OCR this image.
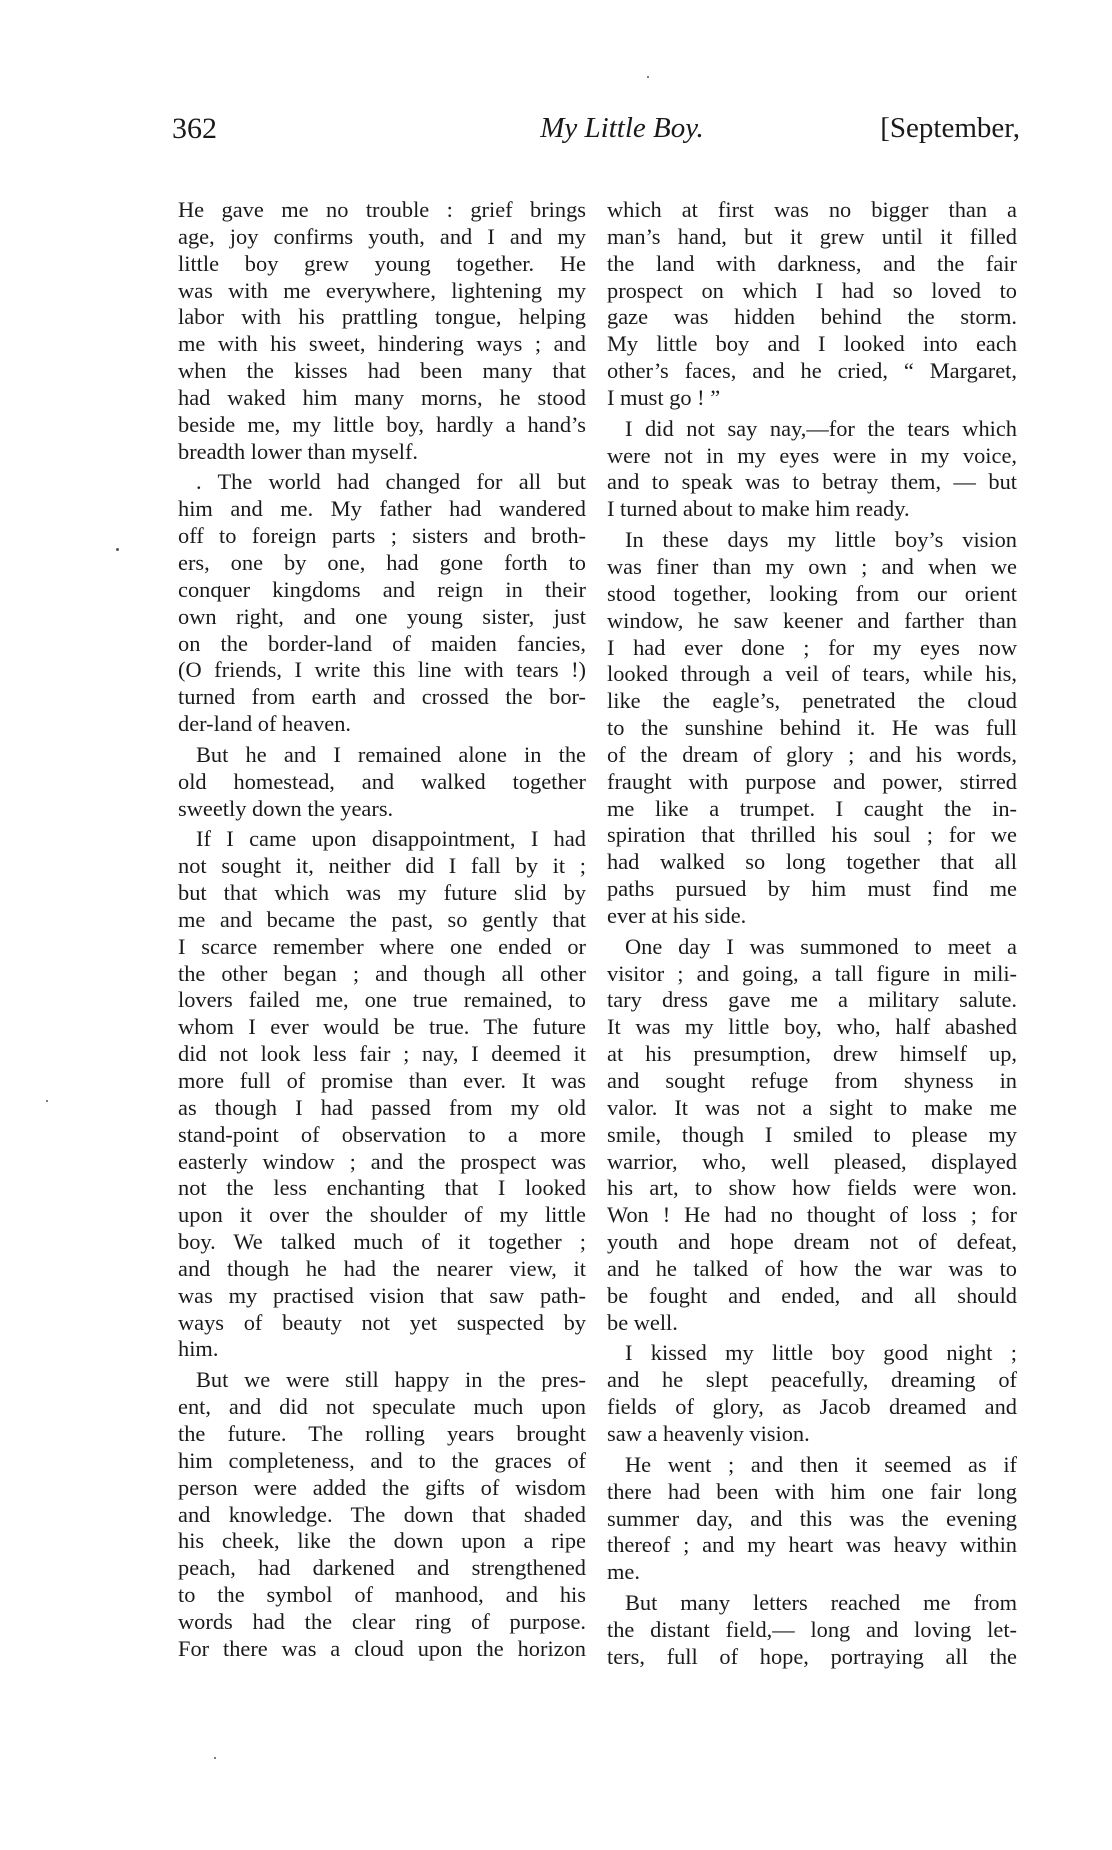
362	My Little Boy.	[September,
He gave me no trouble : grief brings
age, joy confirms youth, and I and my
little boy grew young together. He
was with me everywhere, lightening my
labor with his prattling tongue, helping
me with his sweet, hindering ways ; and
when the kisses had been many that
had waked him many morns, he stood
beside me, my little boy, hardly a hand’s
breadth lower than myself.
. The world had changed for all but
him and me. My father had wandered
off to foreign parts ; sisters and broth-
ers, one by one, had gone forth to
conquer kingdoms and reign in their
own right, and one young sister, just
on the border-land of maiden fancies,
(O friends, I write this line with tears !)
turned from earth and crossed the bor-
der-land of heaven.
But he and I remained alone in the
old homestead, and walked together
sweetly down the years.
If I came upon disappointment, I had
not sought it, neither did I fall by it ;
but that which was my future slid by
me and became the past, so gently that
I scarce remember where one ended or
the other began ; and though all other
lovers failed me, one true remained, to
whom I ever would be true. The future
did not look less fair ; nay, I deemed it
more full of promise than ever. It was
as though I had passed from my old
stand-point of observation to a more
easterly window ; and the prospect was
not the less enchanting that I looked
upon it over the shoulder of my little
boy. We talked much of it together ;
and though he had the nearer view, it
was my practised vision that saw path-
ways of beauty not yet suspected by
him.
But we were still happy in the pres-
ent, and did not speculate much upon
the future. The rolling years brought
him completeness, and to the graces of
person were added the gifts of wisdom
and knowledge. The down that shaded
his cheek, like the down upon a ripe
peach, had darkened and strengthened
to the symbol of manhood, and his
words had the clear ring of purpose.
For there was a cloud upon the horizon
which at first was no bigger than a
man’s hand, but it grew until it filled
the land with darkness, and the fair
prospect on which I had so loved to
gaze was hidden behind the storm.
My little boy and I looked into each
other’s faces, and he cried, “ Margaret,
I must go ! ”
I did not say nay,—for the tears which
were not in my eyes were in my voice,
and to speak was to betray them, — but
I turned about to make him ready.
In these days my little boy’s vision
was finer than my own ; and when we
stood together, looking from our orient
window, he saw keener and farther than
I had ever done ; for my eyes now
looked through a veil of tears, while his,
like the eagle’s, penetrated the cloud
to the sunshine behind it. He was full
of the dream of glory ; and his words,
fraught with purpose and power, stirred
me like a trumpet. I caught the in-
spiration that thrilled his soul ; for we
had walked so long together that all
paths pursued by him must find me
ever at his side.
One day I was summoned to meet a
visitor ; and going, a tall figure in mili-
tary dress gave me a military salute.
It was my little boy, who, half abashed
at his presumption, drew himself up,
and sought refuge from shyness in
valor. It was not a sight to make me
smile, though I smiled to please my
warrior, who, well pleased, displayed
his art, to show how fields were won.
Won ! He had no thought of loss ; for
youth and hope dream not of defeat,
and he talked of how the war was to
be fought and ended, and all should
be well.
I kissed my little boy good night ;
and he slept peacefully, dreaming of
fields of glory, as Jacob dreamed and
saw a heavenly vision.
He went ; and then it seemed as if
there had been with him one fair long
summer day, and this was the evening
thereof ; and my heart was heavy within
me.
But many letters reached me from
the distant field,— long and loving let-
ters, full of hope, portraying all the
